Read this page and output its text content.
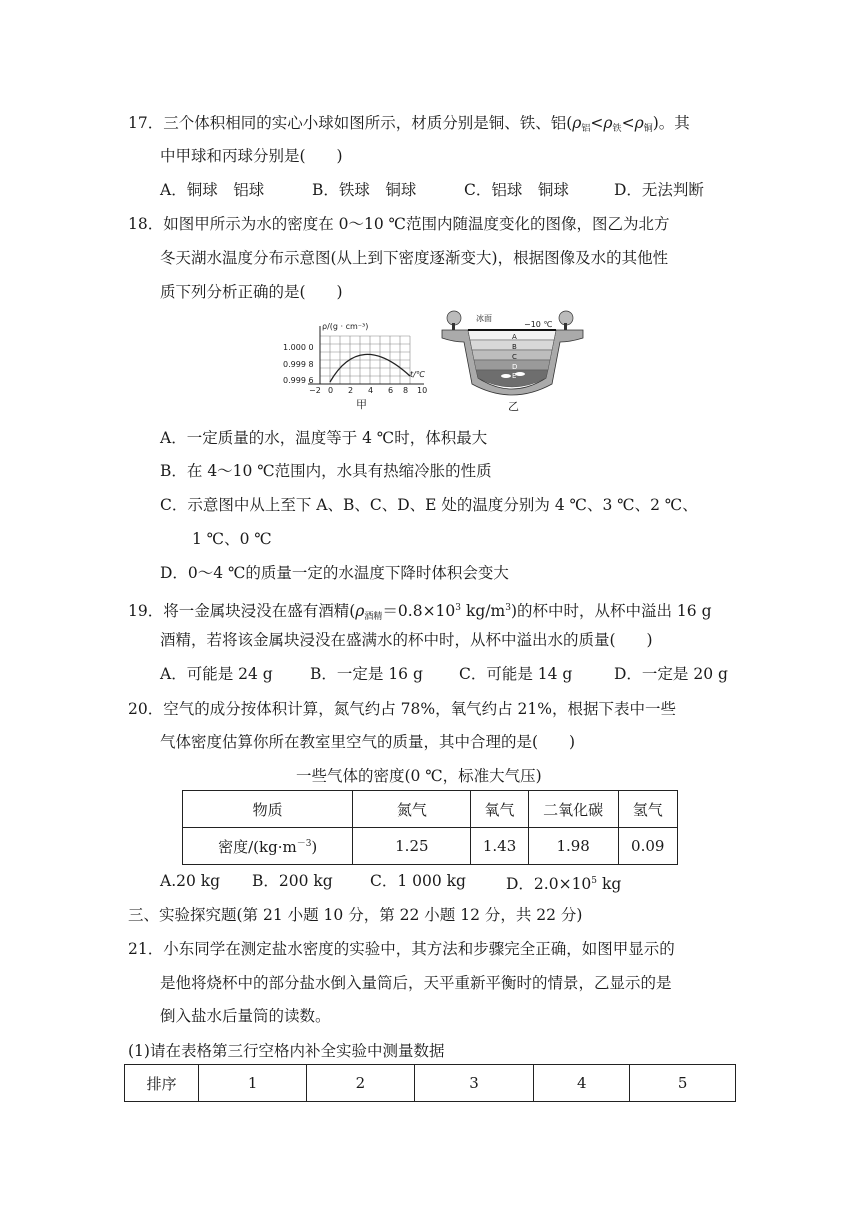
17．三个体积相同的实心小球如图所示，材质分别是铜、铁、铝$(\rho_铝<\rho_铁<\rho_铜)$。其
中甲球和丙球分别是(　　)
A．铜球　铝球	B．铁球　铜球	C．铝球　铜球	D．无法判断
18．如图甲所示为水的密度在 0～10 ℃范围内随温度变化的图像，图乙为北方
冬天湖水温度分布示意图(从上到下密度逐渐变大)，根据图像及水的其他性
质下列分析正确的是(　　)
ρ/(g · cm⁻³)
1.000 0
0.999 8
0.999 6
t/℃
−2 0 2 4 6 8 10
甲
冰面
−10 ℃
A
B
C
D
E
乙
A．一定质量的水，温度等于 4 ℃时，体积最大
B．在 4～10 ℃范围内，水具有热缩冷胀的性质
C．示意图中从上至下 A、B、C、D、E 处的温度分别为 4 ℃、3 ℃、2 ℃、
1 ℃、0 ℃
D．0～4 ℃的质量一定的水温度下降时体积会变大
19．将一金属块浸没在盛有酒精($\rho_{酒精}=0.8\times 10^3$ $kg/m^3$)的杯中时，从杯中溢出 16 g
酒精，若将该金属块浸没在盛满水的杯中时，从杯中溢出水的质量(　　)
A．可能是 24 g B．一定是 16 g C．可能是 14 g	D．一定是 20 g
20．空气的成分按体积计算，氮气约占 78%，氧气约占 21%，根据下表中一些
气体密度估算你所在教室里空气的质量，其中合理的是(　　)
一些气体的密度(0 ℃，标准大气压)
物质	氮气	氧气	二氧化碳	氢气
密度$/(kg\cdot m^{-3})$	1.25	1.43	1.98	0.09
A.20 kg B．200 kg C．1 000 kg	D．$2.0\times 10^5$ kg
三、实验探究题(第 21 小题 10 分，第 22 小题 12 分，共 22 分)
21．小东同学在测定盐水密度的实验中，其方法和步骤完全正确，如图甲显示的
是他将烧杯中的部分盐水倒入量筒后，天平重新平衡时的情景，乙显示的是
倒入盐水后量筒的读数。
(1)请在表格第三行空格内补全实验中测量数据
排序	1	2	3	4	5
